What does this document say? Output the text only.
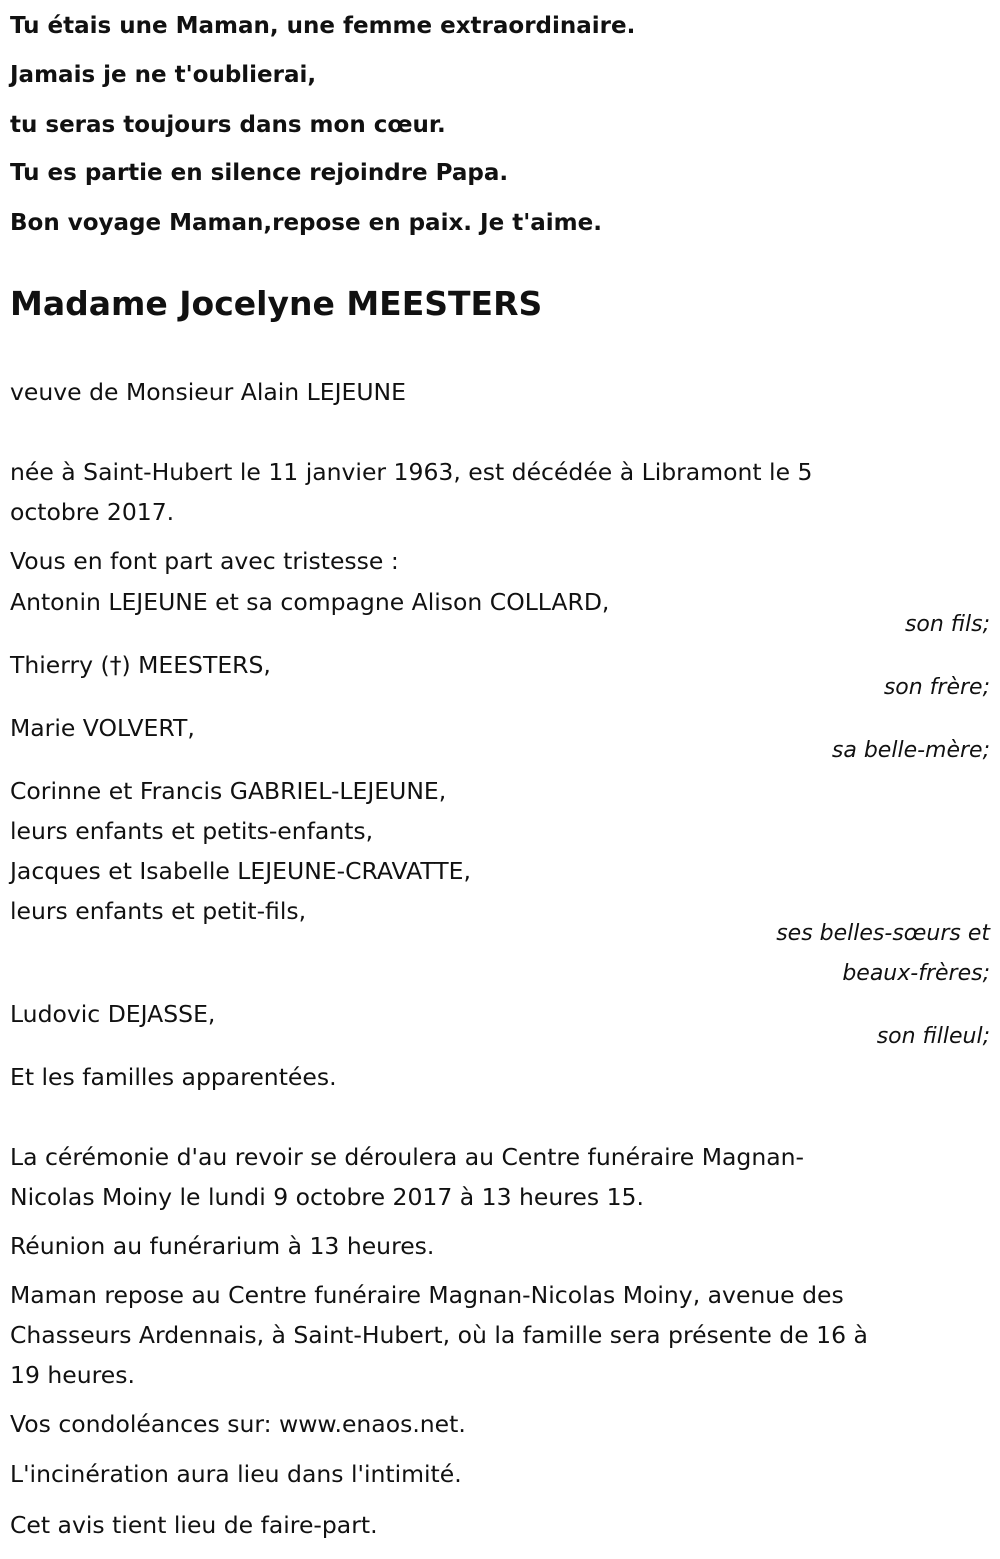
Tu étais une Maman, une femme extraordinaire.
Jamais je ne t'oublierai,
tu seras toujours dans mon cœur.
Tu es partie en silence rejoindre Papa.
Bon voyage Maman,repose en paix. Je t'aime.
Madame Jocelyne MEESTERS
veuve de Monsieur Alain LEJEUNE
née à Saint-Hubert le 11 janvier 1963, est décédée à Libramont le 5
octobre 2017.
Vous en font part avec tristesse :
Antonin LEJEUNE et sa compagne Alison COLLARD,
son fils;
Thierry (†) MEESTERS,
son frère;
Marie VOLVERT,
sa belle-mère;
Corinne et Francis GABRIEL-LEJEUNE,
leurs enfants et petits-enfants,
Jacques et Isabelle LEJEUNE-CRAVATTE,
leurs enfants et petit-fils,
ses belles-sœurs et
beaux-frères;
Ludovic DEJASSE,
son filleul;
Et les familles apparentées.
La cérémonie d'au revoir se déroulera au Centre funéraire Magnan-
Nicolas Moiny le lundi 9 octobre 2017 à 13 heures 15.
Réunion au funérarium à 13 heures.
Maman repose au Centre funéraire Magnan-Nicolas Moiny, avenue des
Chasseurs Ardennais, à Saint-Hubert, où la famille sera présente de 16 à
19 heures.
Vos condoléances sur: www.enaos.net.
L'incinération aura lieu dans l'intimité.
Cet avis tient lieu de faire-part.
